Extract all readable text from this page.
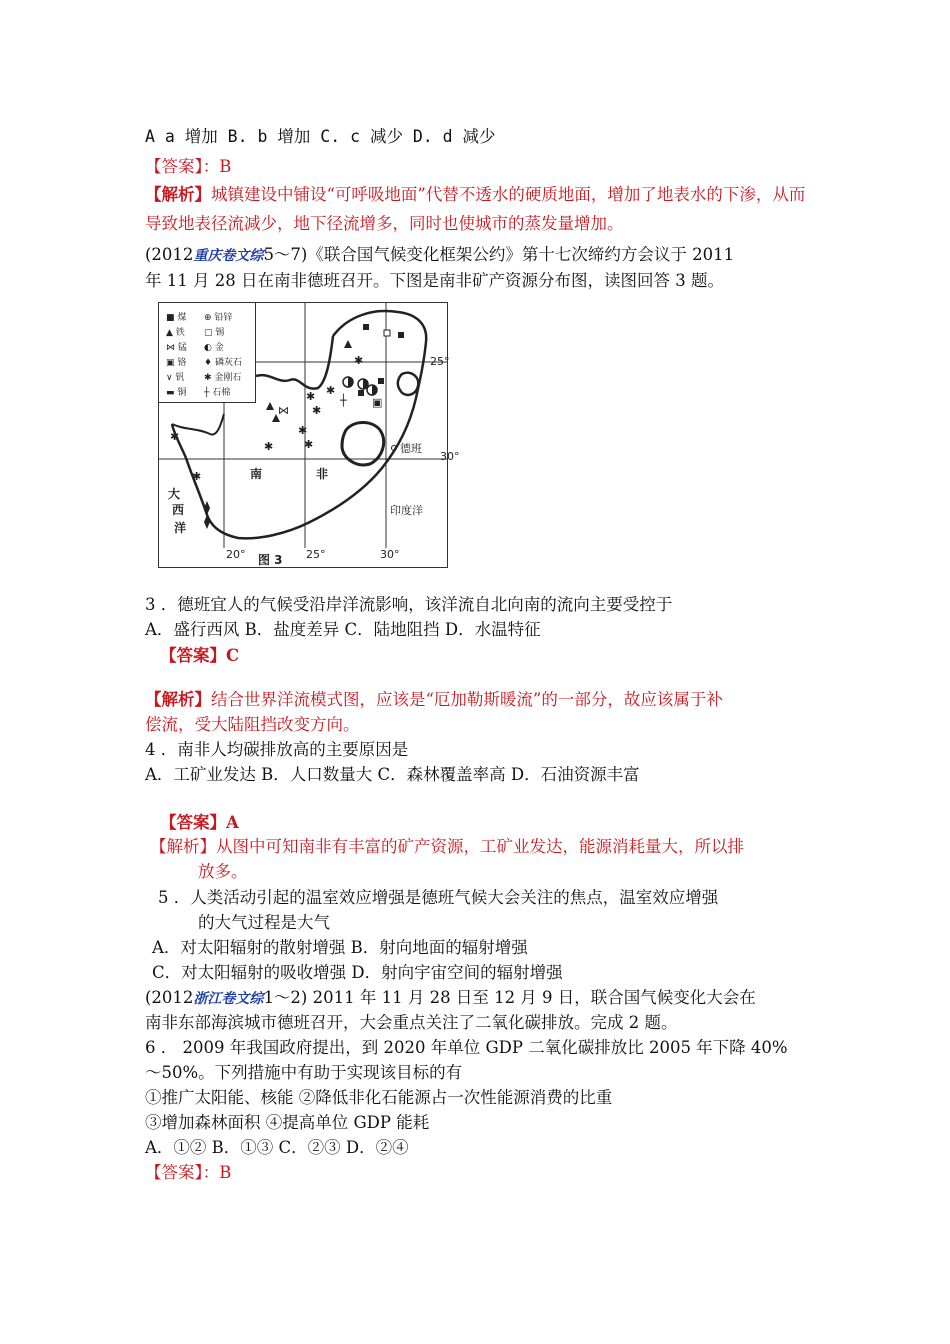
A a 增加 B. b 增加 C. c 减少 D. d 减少
【答案】：B
【解析】城镇建设中铺设“可呼吸地面”代替不透水的硬质地面，增加了地表水的下渗，从而
导致地表径流减少，地下径流增多，同时也使城市的蒸发量增加。
(2012重庆卷文综5～7)《联合国气候变化框架公约》第十七次缔约方会议于 2011
年 11 月 28 日在南非德班召开。下图是南非矿产资源分布图，读图回答 3 题。
✱
✱
✱
✱
✱
✱
✱
✱
✱
▣
┼
⋈
25°
30°
20°	25°	30°
德班
南	非
大
西
洋
印度洋
图 3
■ 煤 ⊕ 铅锌
▲ 铁 ▢ 锡
⋈ 锰 ◐ 金
▣ 铬 ♦ 磷灰石
∨ 钒 ✱ 金刚石
▬ 铜 ┼ 石棉
3 ．德班宜人的气候受沿岸洋流影响，该洋流自北向南的流向主要受控于
A．盛行西风 B．盐度差异 C．陆地阻挡 D．水温特征
【答案】C
【解析】结合世界洋流模式图，应该是“厄加勒斯暖流”的一部分，故应该属于补
偿流，受大陆阻挡改变方向。
4 ．南非人均碳排放高的主要原因是
A．工矿业发达 B．人口数量大 C．森林覆盖率高 D．石油资源丰富
【答案】A
【解析】从图中可知南非有丰富的矿产资源，工矿业发达，能源消耗量大，所以排
放多。
5 ．人类活动引起的温室效应增强是德班气候大会关注的焦点，温室效应增强
的大气过程是大气
A．对太阳辐射的散射增强 B．射向地面的辐射增强
C．对太阳辐射的吸收增强 D．射向宇宙空间的辐射增强
(2012浙江卷文综1～2) 2011 年 11 月 28 日至 12 月 9 日，联合国气候变化大会在
南非东部海滨城市德班召开，大会重点关注了二氧化碳排放。完成 2 题。
6 ． 2009 年我国政府提出，到 2020 年单位 GDP 二氧化碳排放比 2005 年下降 40%
～50%。下列措施中有助于实现该目标的有
①推广太阳能、核能 ②降低非化石能源占一次性能源消费的比重
③增加森林面积 ④提高单位 GDP 能耗
A．①② B．①③ C．②③ D．②④
【答案】：B
